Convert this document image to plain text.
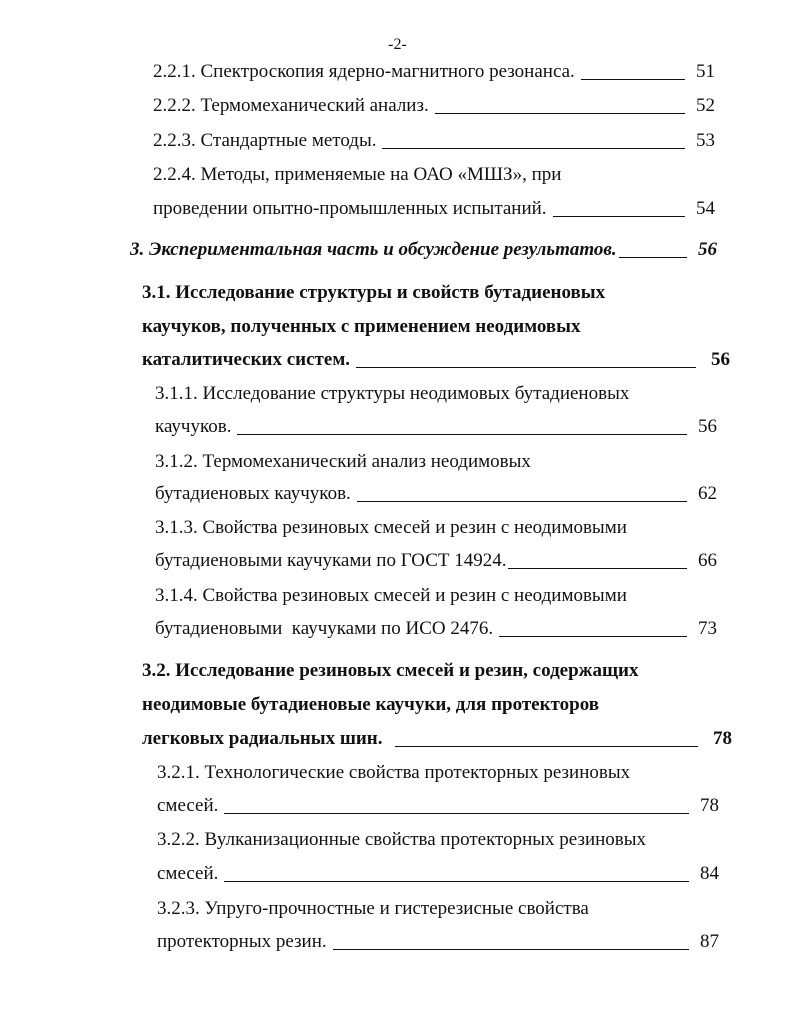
-2-
2.2.1. Спектроскопия ядерно-магнитного резонанса.	51
2.2.2. Термомеханический анализ.	52
2.2.3. Стандартные методы.	53
2.2.4. Методы, применяемые на ОАО «МШЗ», при
проведении опытно-промышленных испытаний.	54
3. Экспериментальная часть и обсуждение результатов.	56
3.1. Исследование структуры и свойств бутадиеновых
каучуков, полученных с применением неодимовых
каталитических систем.	56
3.1.1. Исследование структуры неодимовых бутадиеновых
каучуков.	56
3.1.2. Термомеханический анализ неодимовых
бутадиеновых каучуков.	62
3.1.3. Свойства резиновых смесей и резин с неодимовыми
бутадиеновыми каучуками по ГОСТ 14924.	66
3.1.4. Свойства резиновых смесей и резин с неодимовыми
бутадиеновыми  каучуками по ИСО 2476.	73
3.2. Исследование резиновых смесей и резин, содержащих
неодимовые бутадиеновые каучуки, для протекторов
легковых радиальных шин.	78
3.2.1. Технологические свойства протекторных резиновых
смесей.	78
3.2.2. Вулканизационные свойства протекторных резиновых
смесей.	84
3.2.3. Упруго-прочностные и гистерезисные свойства
протекторных резин.	87
